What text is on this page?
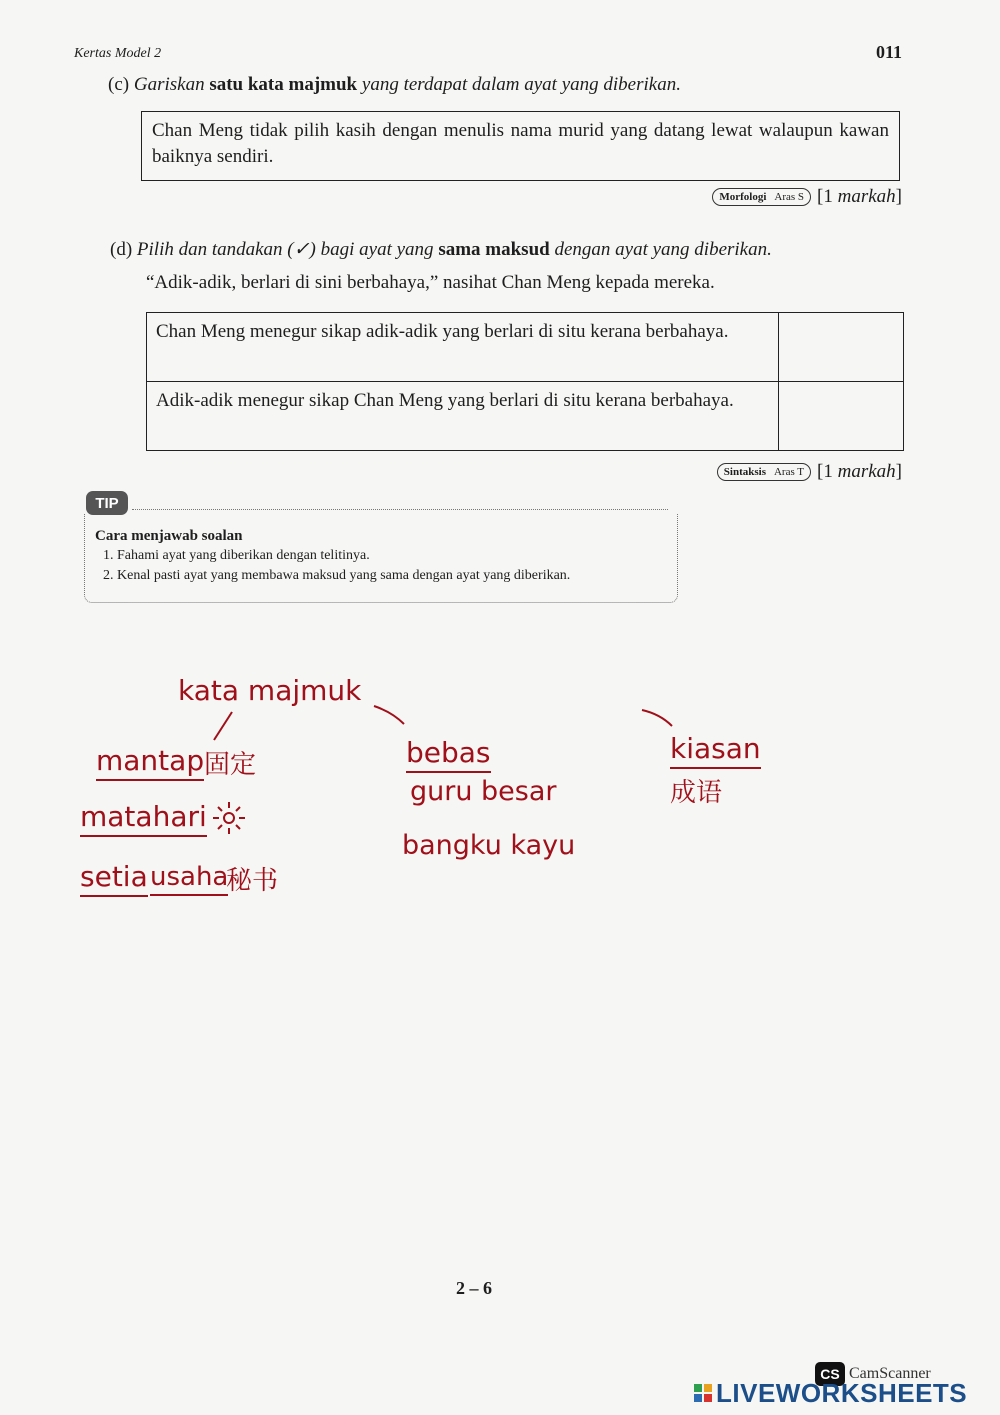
Kertas Model 2	011
(c) Gariskan satu kata majmuk yang terdapat dalam ayat yang diberikan.
Chan Meng tidak pilih kasih dengan menulis nama murid yang datang lewat walaupun kawan baiknya sendiri.
Morfologi Aras S [1 markah]
(d) Pilih dan tandakan (✓) bagi ayat yang sama maksud dengan ayat yang diberikan.
“Adik-adik, berlari di sini berbahaya,” nasihat Chan Meng kepada mereka.
Chan Meng menegur sikap adik-adik yang berlari di situ kerana berbahaya.	
Adik-adik menegur sikap Chan Meng yang berlari di situ kerana berbahaya.	
Sintaksis Aras T [1 markah]
TIP
Cara menjawab soalan
1. Fahami ayat yang diberikan dengan telitinya.
2. Kenal pasti ayat yang membawa maksud yang sama dengan ayat yang diberikan.
kata majmuk
mantap 固定
matahari
setia usaha
秘书
bebas
guru besar
bangku kayu
kiasan
成语
2 – 6
CS CamScanner
LIVEWORKSHEETS
